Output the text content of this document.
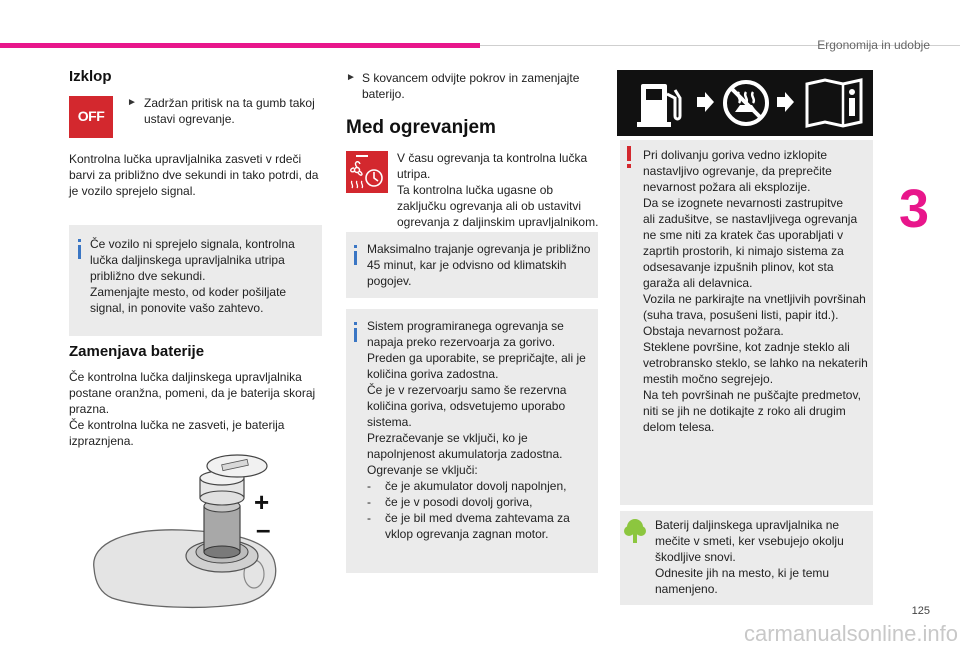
Ergonomija in udobje
3
Izklop
OFF
► Zadržan pritisk na ta gumb takoj ustavi ogrevanje.
Kontrolna lučka upravljalnika zasveti v rdeči
barvi za približno dve sekundi in tako potrdi, da
je vozilo sprejelo signal.
Če vozilo ni sprejelo signala, kontrolna
lučka daljinskega upravljalnika utripa
približno dve sekundi.
Zamenjajte mesto, od koder pošiljate
signal, in ponovite vašo zahtevo.
Zamenjava baterije
Če kontrolna lučka daljinskega upravljalnika
postane oranžna, pomeni, da je baterija skoraj
prazna.
Če kontrolna lučka ne zasveti, je baterija
izpraznjena.
+
–
► S kovancem odvijte pokrov in zamenjajte
baterijo.
Med ogrevanjem
V času ogrevanja ta kontrolna lučka
utripa.
Ta kontrolna lučka ugasne ob
zaključku ogrevanja ali ob ustavitvi
ogrevanja z daljinskim upravljalnikom.
Maksimalno trajanje ogrevanja je približno
45 minut, kar je odvisno od klimatskih
pogojev.
Sistem programiranega ogrevanja se
napaja preko rezervoarja za gorivo.
Preden ga uporabite, se prepričajte, ali je
količina goriva zadostna.
Če je v rezervoarju samo še rezervna
količina goriva, odsvetujemo uporabo
sistema.
Prezračevanje se vključi, ko je
napolnjenost akumulatorja zadostna.
Ogrevanje se vključi:
-	če je akumulator dovolj napolnjen,
-	če je v posodi dovolj goriva,
-	če je bil med dvema zahtevama za
vklop ogrevanja zagnan motor.
Pri dolivanju goriva vedno izklopite
nastavljivo ogrevanje, da preprečite
nevarnost požara ali eksplozije.
Da se izognete nevarnosti zastrupitve
ali zadušitve, se nastavljivega ogrevanja
ne sme niti za kratek čas uporabljati v
zaprtih prostorih, ki nimajo sistema za
odsesavanje izpušnih plinov, kot sta
garaža ali delavnica.
Vozila ne parkirajte na vnetljivih površinah
(suha trava, posušeni listi, papir itd.).
Obstaja nevarnost požara.
Steklene površine, kot zadnje steklo ali
vetrobransko steklo, se lahko na nekaterih
mestih močno segrejejo.
Na teh površinah ne puščajte predmetov,
niti se jih ne dotikajte z roko ali drugim
delom telesa.
Baterij daljinskega upravljalnika ne
mečite v smeti, ker vsebujejo okolju
škodljive snovi.
Odnesite jih na mesto, ki je temu
namenjeno.
125
carmanualsonline.info
